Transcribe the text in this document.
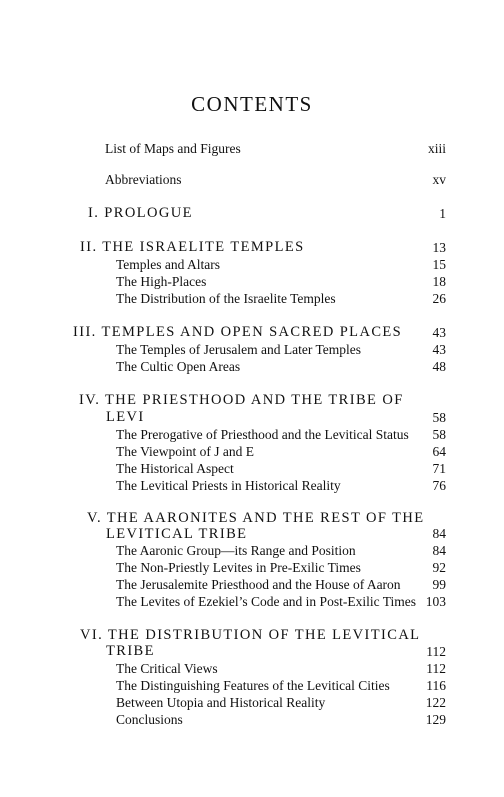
CONTENTS
List of Maps and Figures	xiii
Abbreviations	xv
I. PROLOGUE	1
II. THE ISRAELITE TEMPLES	13
Temples and Altars	15
The High-Places	18
The Distribution of the Israelite Temples	26
III. TEMPLES AND OPEN SACRED PLACES 43
The Temples of Jerusalem and Later Temples	43
The Cultic Open Areas	48
IV. THE PRIESTHOOD AND THE TRIBE OF
LEVI	58
The Prerogative of Priesthood and the Levitical Status 58
The Viewpoint of J and E	64
The Historical Aspect	71
The Levitical Priests in Historical Reality	76
V. THE AARONITES AND THE REST OF THE
LEVITICAL TRIBE	84
The Aaronic Group—its Range and Position	84
The Non-Priestly Levites in Pre-Exilic Times	92
The Jerusalemite Priesthood and the House of Aaron 99
The Levites of Ezekiel’s Code and in Post-Exilic Times 103
VI. THE DISTRIBUTION OF THE LEVITICAL
TRIBE	112
The Critical Views	112
The Distinguishing Features of the Levitical Cities	116
Between Utopia and Historical Reality	122
Conclusions	129
